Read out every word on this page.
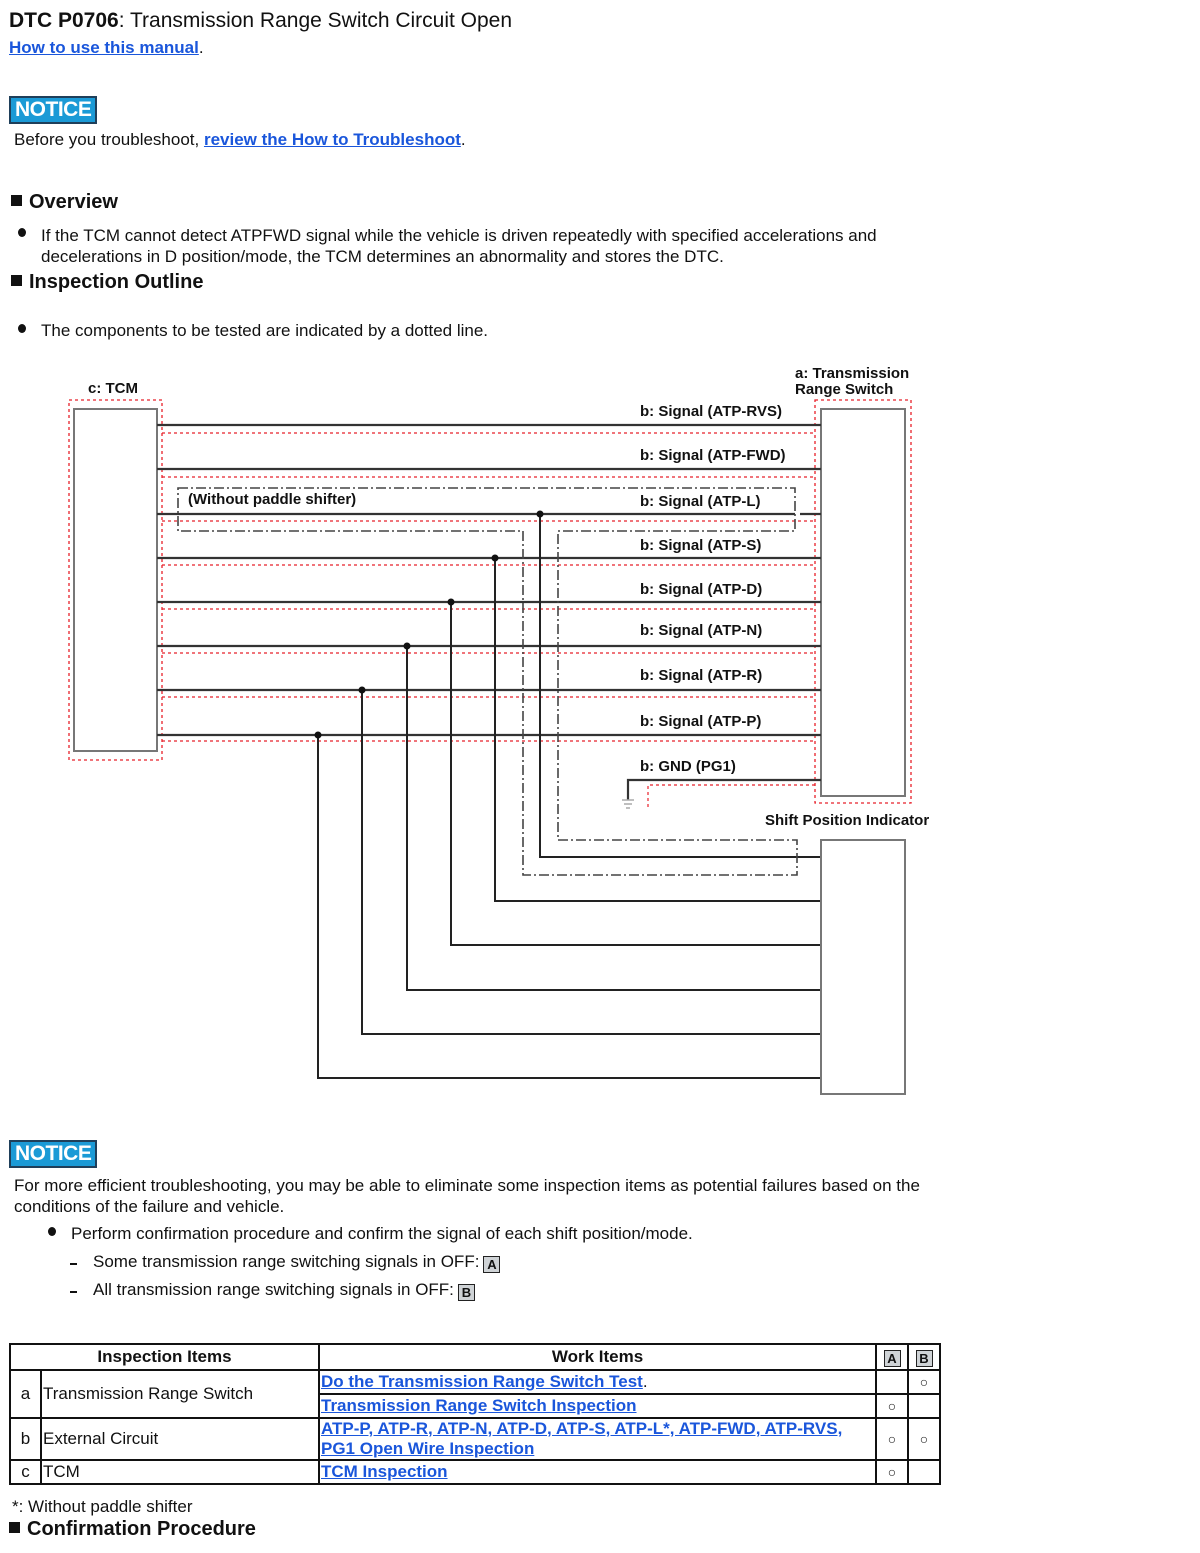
DTC P0706: Transmission Range Switch Circuit Open
How to use this manual.
NOTICE
Before you troubleshoot, review the How to Troubleshoot.
Overview
If the TCM cannot detect ATPFWD signal while the vehicle is driven repeatedly with specified accelerations and decelerations in D position/mode, the TCM determines an abnormality and stores the DTC.
Inspection Outline
The components to be tested are indicated by a dotted line.
c: TCM
a: Transmission
Range Switch
(Without paddle shifter)
b: Signal (ATP-RVS)
b: Signal (ATP-FWD)
b: Signal (ATP-L)
b: Signal (ATP-S)
b: Signal (ATP-D)
b: Signal (ATP-N)
b: Signal (ATP-R)
b: Signal (ATP-P)
b: GND (PG1)
Shift Position Indicator
NOTICE
For more efficient troubleshooting, you may be able to eliminate some inspection items as potential failures based on the conditions of the failure and vehicle.
Perform confirmation procedure and confirm the signal of each shift position/mode.
Some transmission range switching signals in OFF: A
All transmission range switching signals in OFF: B
Inspection Items		Work Items	A	B
a	Transmission Range Switch	Do the Transmission Range Switch Test.		○
		Transmission Range Switch Inspection	○	
b	External Circuit	ATP-P, ATP-R, ATP-N, ATP-D, ATP-S, ATP-L*, ATP-FWD, ATP-RVS,
PG1 Open Wire Inspection	○	○
c	TCM	TCM Inspection	○	
*: Without paddle shifter
Confirmation Procedure
